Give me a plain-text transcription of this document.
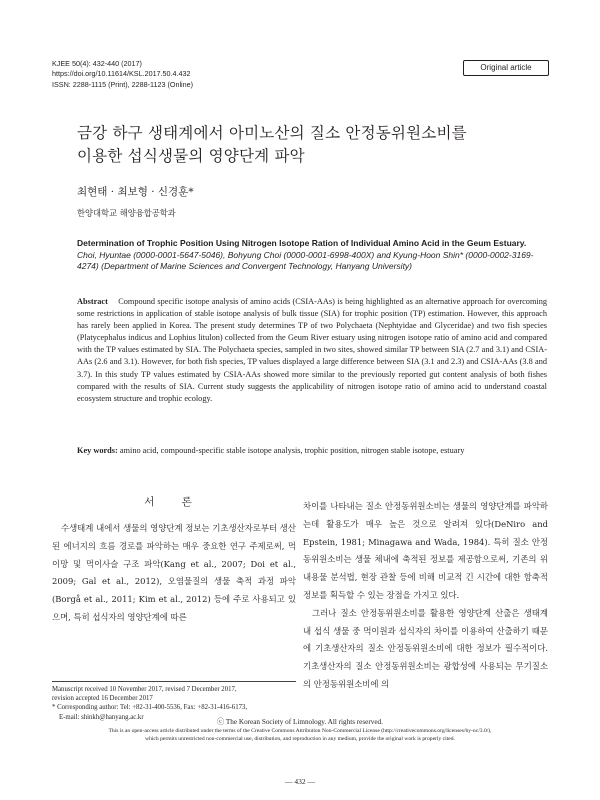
KJEE 50(4): 432-440 (2017)
https://doi.org/10.11614/KSL.2017.50.4.432
ISSN: 2288-1115 (Print), 2288-1123 (Online)
Original article
금강 하구 생태계에서 아미노산의 질소 안정동위원소비를
이용한 섭식생물의 영양단계 파악
최현태 · 최보형 · 신경훈*
한양대학교 해양융합공학과
Determination of Trophic Position Using Nitrogen Isotope Ration of Individual Amino Acid in the Geum Estuary. Choi, Hyuntae (0000-0001-5647-5046), Bohyung Choi (0000-0001-6998-400X) and Kyung-Hoon Shin* (0000-0002-3169-4274) (Department of Marine Sciences and Convergent Technology, Hanyang University)
Abstract Compound specific isotope analysis of amino acids (CSIA-AAs) is being highlighted as an alternative approach for overcoming some restrictions in application of stable isotope analysis of bulk tissue (SIA) for trophic position (TP) estimation. However, this approach has rarely been applied in Korea. The present study determines TP of two Polychaeta (Nephtyidae and Glyceridae) and two fish species (Platycephalus indicus and Lophius litulon) collected from the Geum River estuary using nitrogen isotope ratio of amino acid and compared with the TP values estimated by SIA. The Polychaeta species, sampled in two sites, showed similar TP between SIA (2.7 and 3.1) and CSIA-AAs (2.6 and 3.1). However, for both fish species, TP values displayed a large difference between SIA (3.1 and 2.3) and CSIA-AAs (3.8 and 3.7). In this study TP values estimated by CSIA-AAs showed more similar to the previously reported gut content analysis of both fishes compared with the results of SIA. Current study suggests the applicability of nitrogen isotope ratio of amino acid to understand coastal ecosystem structure and trophic ecology.
Key words: amino acid, compound-specific stable isotope analysis, trophic position, nitrogen stable isotope, estuary
서 론
수생태계 내에서 생물의 영양단계 정보는 기초생산자로부터 생산된 에너지의 흐름 경로를 파악하는 매우 중요한 연구 주제로써, 먹이망 및 먹이사슬 구조 파악(Kang et al., 2007; Doi et al., 2009; Gal et al., 2012), 오염물질의 생물 축적 과정 파악(Borgå et al., 2011; Kim et al., 2012) 등에 주로 사용되고 있으며, 특히 섭식자의 영양단계에 따른
차이를 나타내는 질소 안정동위원소비는 생물의 영양단계를 파악하는데 활용도가 매우 높은 것으로 알려져 있다(DeNiro and Epstein, 1981; Minagawa and Wada, 1984). 특히 질소 안정동위원소비는 생물 체내에 축적된 정보를 제공함으로써, 기존의 위 내용물 분석법, 현장 관찰 등에 비해 비교적 긴 시간에 대한 함축적 정보를 획득할 수 있는 장점을 가지고 있다.
그러나 질소 안정동위원소비를 활용한 영양단계 산출은 생태계 내 섭식 생물 중 먹이원과 섭식자의 차이를 이용하여 산출하기 때문에 기초생산자의 질소 안정동위원소비에 대한 정보가 필수적이다. 기초생산자의 질소 안정동위원소비는 광합성에 사용되는 무기질소의 안정동위원소비에 의
Manuscript received 10 November 2017, revised 7 December 2017,
revision accepted 16 December 2017
* Corresponding author: Tel: +82-31-400-5536, Fax: +82-31-416-6173,
E-mail: shinkh@hanyang.ac.kr
ⓒ The Korean Society of Limnology. All rights reserved.
This is an open-access article distributed under the terms of the Creative Commons Attribution Non-Commercial License (http://creativecommons.org/licenses/by-nc/3.0/),
which permits unrestricted non-commercial use, distribution, and reproduction in any medium, provide the original work is properly cited.
— 432 —
